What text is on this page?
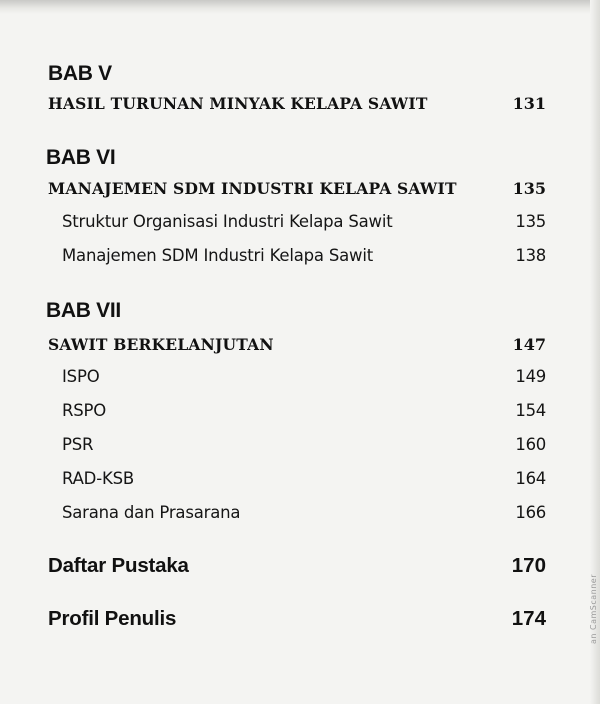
BAB V
HASIL TURUNAN MINYAK KELAPA SAWIT	131
BAB VI
MANAJEMEN SDM INDUSTRI KELAPA SAWIT	135
Struktur Organisasi Industri Kelapa Sawit	135
Manajemen SDM Industri Kelapa Sawit	138
BAB VII
SAWIT BERKELANJUTAN	147
ISPO	149
RSPO	154
PSR	160
RAD-KSB	164
Sarana dan Prasarana	166
Daftar Pustaka	170
Profil Penulis	174	an CamScanner
